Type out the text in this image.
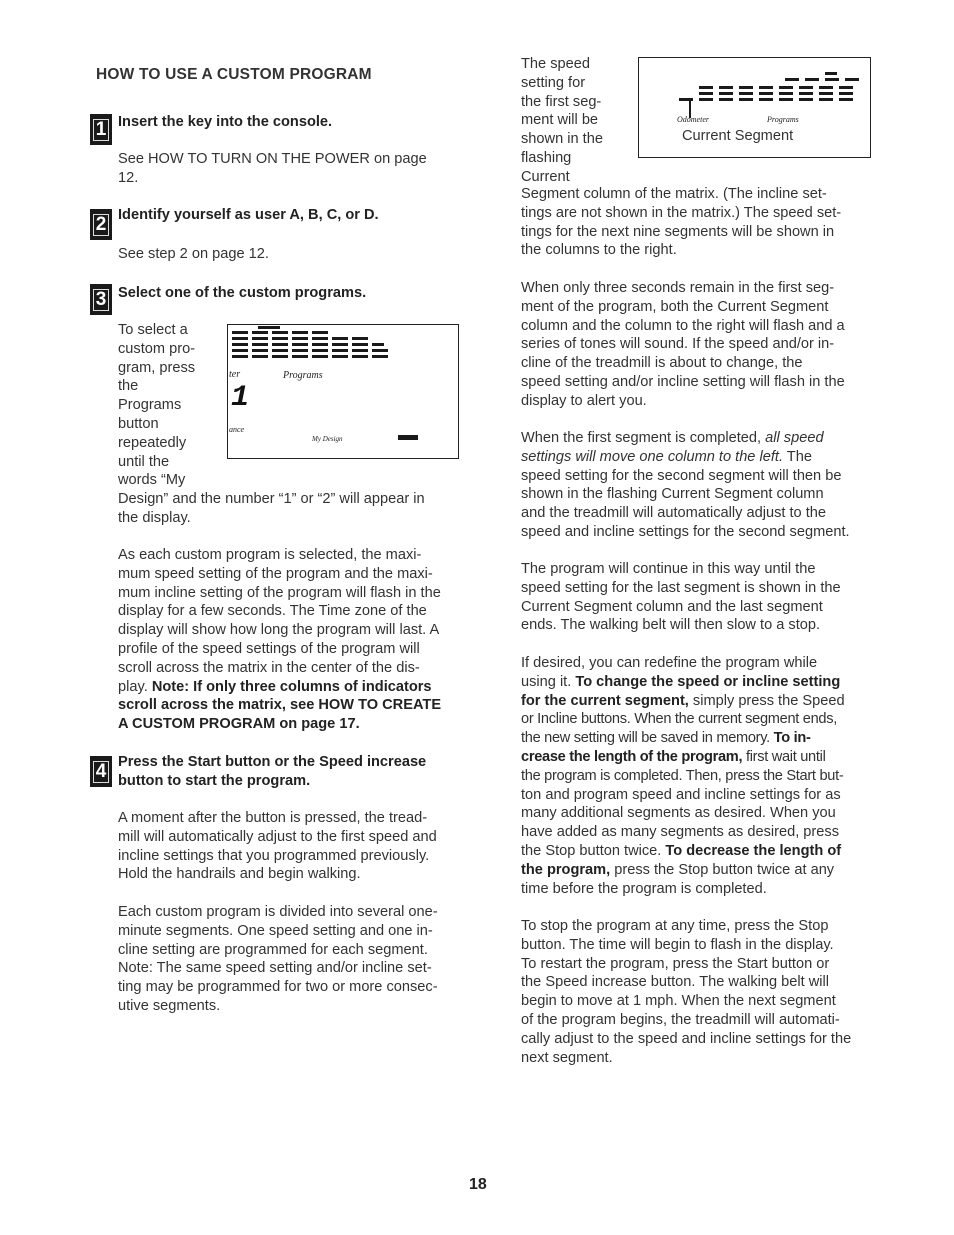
HOW TO USE A CUSTOM PROGRAM
1 Insert the key into the console.
See HOW TO TURN ON THE POWER on page
12.
2 Identify yourself as user A, B, C, or D.
See step 2 on page 12.
3 Select one of the custom programs.
To select a
custom pro-
gram, press
the
Programs
button
repeatedly
until the
words “My
ter	Programs
1
ance
My Design
Design” and the number “1” or “2” will appear in
the display.
As each custom program is selected, the maxi-
mum speed setting of the program and the maxi-
mum incline setting of the program will flash in the
display for a few seconds. The Time zone of the
display will show how long the program will last. A
profile of the speed settings of the program will
scroll across the matrix in the center of the dis-
play. Note: If only three columns of indicators
scroll across the matrix, see HOW TO CREATE
A CUSTOM PROGRAM on page 17.
4 Press the Start button or the Speed increase
button to start the program.
A moment after the button is pressed, the tread-
mill will automatically adjust to the first speed and
incline settings that you programmed previously.
Hold the handrails and begin walking.
Each custom program is divided into several one-
minute segments. One speed setting and one in-
cline setting are programmed for each segment.
Note: The same speed setting and/or incline set-
ting may be programmed for two or more consec-
utive segments.
The speed
setting for
the first seg-
ment will be
shown in the
flashing
Current
Odometer	Programs
Current Segment
Segment column of the matrix. (The incline set-
tings are not shown in the matrix.) The speed set-
tings for the next nine segments will be shown in
the columns to the right.
When only three seconds remain in the first seg-
ment of the program, both the Current Segment
column and the column to the right will flash and a
series of tones will sound. If the speed and/or in-
cline of the treadmill is about to change, the
speed setting and/or incline setting will flash in the
display to alert you.
When the first segment is completed, all speed
settings will move one column to the left. The
speed setting for the second segment will then be
shown in the flashing Current Segment column
and the treadmill will automatically adjust to the
speed and incline settings for the second segment.
The program will continue in this way until the
speed setting for the last segment is shown in the
Current Segment column and the last segment
ends. The walking belt will then slow to a stop.
If desired, you can redefine the program while
using it. To change the speed or incline setting
for the current segment, simply press the Speed
or Incline buttons. When the current segment ends,
the new setting will be saved in memory. To in-
crease the length of the program, first wait until
the program is completed. Then, press the Start but-
ton and program speed and incline settings for as
many additional segments as desired. When you
have added as many segments as desired, press
the Stop button twice. To decrease the length of
the program, press the Stop button twice at any
time before the program is completed.
To stop the program at any time, press the Stop
button. The time will begin to flash in the display.
To restart the program, press the Start button or
the Speed increase button. The walking belt will
begin to move at 1 mph. When the next segment
of the program begins, the treadmill will automati-
cally adjust to the speed and incline settings for the
next segment.
18
